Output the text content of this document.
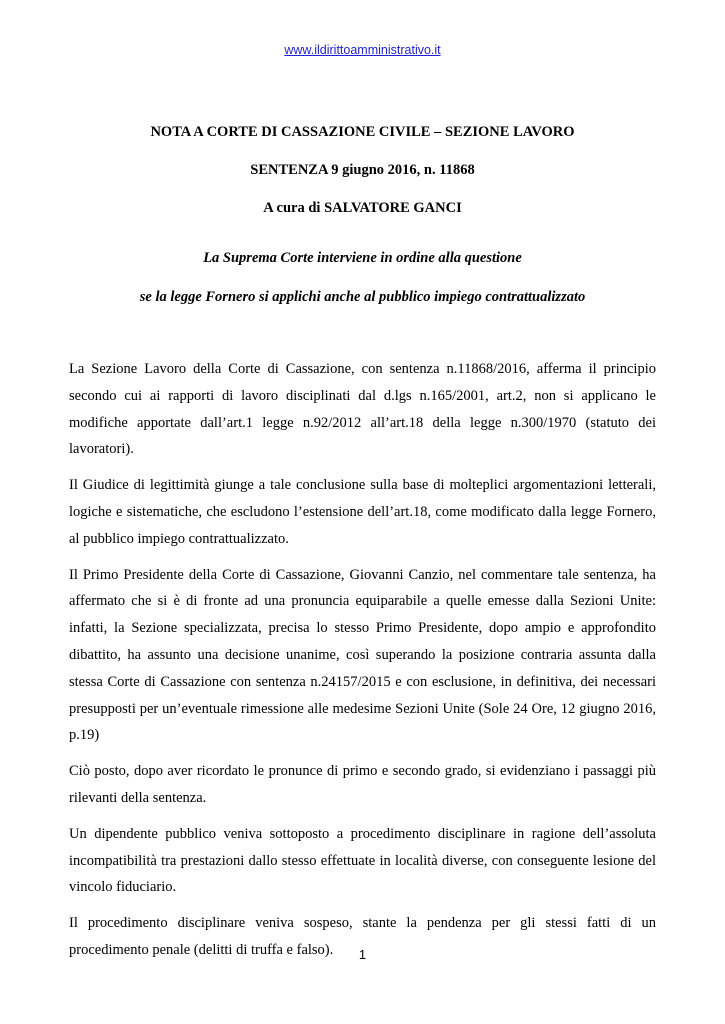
www.ildirittoamministrativo.it
NOTA A CORTE DI CASSAZIONE CIVILE – SEZIONE LAVORO
SENTENZA 9 giugno 2016, n. 11868
A cura di SALVATORE GANCI
La Suprema Corte interviene in ordine alla questione
se la legge Fornero si applichi anche al pubblico impiego contrattualizzato

La Sezione Lavoro della Corte di Cassazione, con sentenza n.11868/2016, afferma il principio secondo cui ai rapporti di lavoro disciplinati dal d.lgs n.165/2001, art.2, non si applicano le modifiche apportate dall’art.1 legge n.92/2012 all’art.18 della legge n.300/1970 (statuto dei lavoratori).

Il Giudice di legittimità giunge a tale conclusione sulla base di molteplici argomentazioni letterali, logiche e sistematiche, che escludono l’estensione dell’art.18, come modificato dalla legge Fornero, al pubblico impiego contrattualizzato.

Il Primo Presidente della Corte di Cassazione, Giovanni Canzio, nel commentare tale sentenza, ha affermato che si è di fronte ad una pronuncia equiparabile a quelle emesse dalla Sezioni Unite: infatti, la Sezione specializzata, precisa lo stesso Primo Presidente, dopo ampio e approfondito dibattito, ha assunto una decisione unanime, così superando la posizione contraria assunta dalla stessa Corte di Cassazione con sentenza n.24157/2015 e con esclusione, in definitiva, dei necessari presupposti per un’eventuale rimessione alle medesime Sezioni Unite (Sole 24 Ore, 12 giugno 2016, p.19)

Ciò posto, dopo aver ricordato le pronunce di primo e secondo grado, si evidenziano i passaggi più rilevanti della sentenza.

Un dipendente pubblico veniva sottoposto a procedimento disciplinare in ragione dell’assoluta incompatibilità tra prestazioni dallo stesso effettuate in località diverse, con conseguente lesione del vincolo fiduciario.

Il procedimento disciplinare veniva sospeso, stante la pendenza per gli stessi fatti di un procedimento penale (delitti di truffa e falso).	1
